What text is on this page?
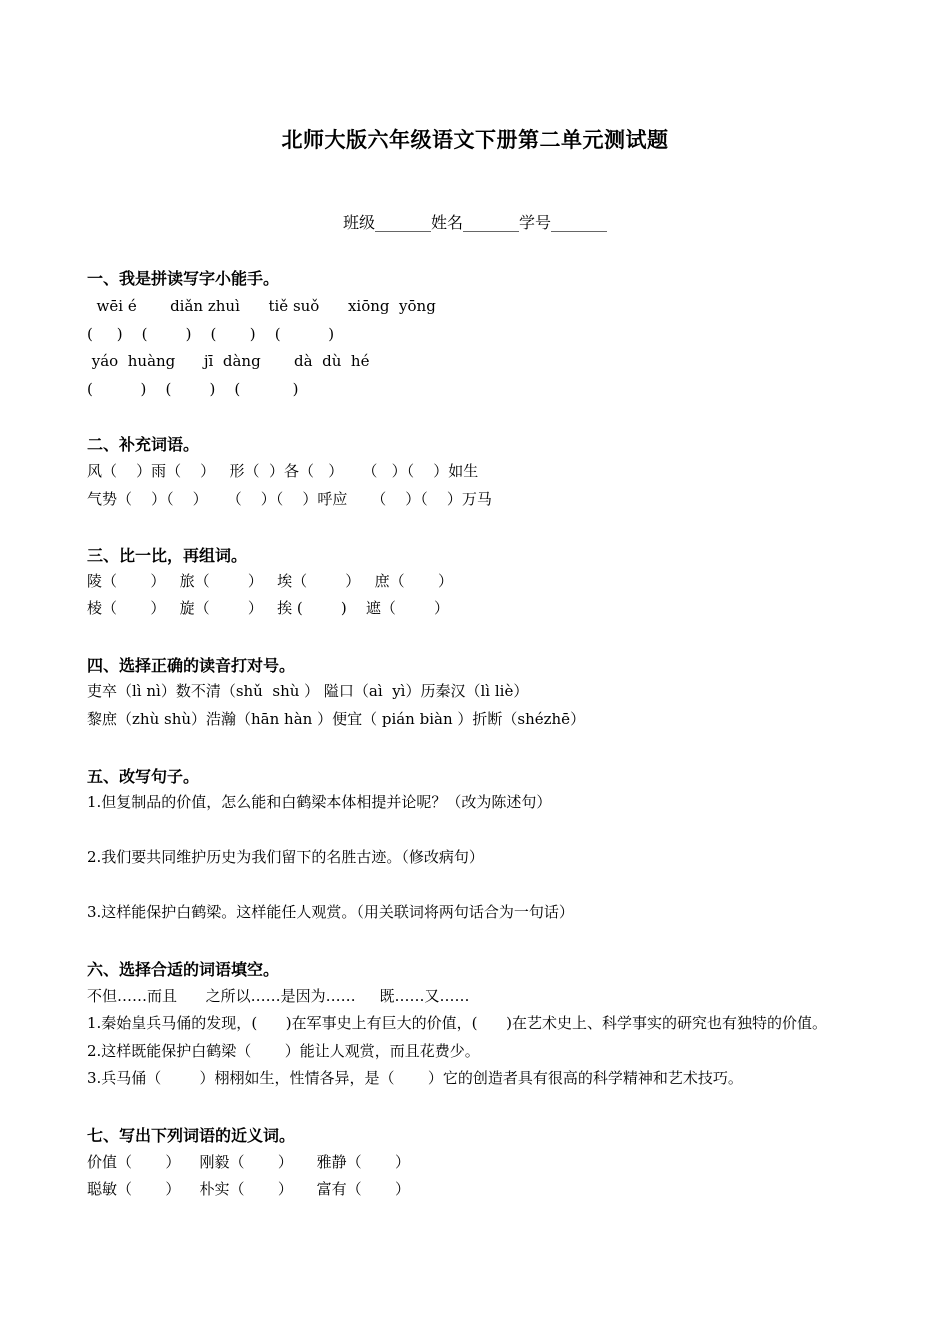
北师大版六年级语文下册第二单元测试题
班级_______姓名_______学号_______
一、我是拼读写字小能手。
wēi é       diǎn zhuì      tiě suǒ      xiōng  yōng
(     )    (        )    (       )    (          )
yáo  huàng      jī  dàng       dà  dù  hé
(          )    (        )    (           )
二、补充词语。
风（    ）雨（    ）   形（  ）各（   ）    （   ）（    ）如生
气势（    ）（    ）    （    ）（    ）呼应     （    ）（    ）万马
三、比一比，再组词。
陵（       ）   旅（        ）   埃（        ）   庶（       ）
棱（       ）   旋（        ）   挨 (        )    遮（        ）
四、选择正确的读音打对号。
吏卒（lì nì）数不清（shǔ  shù ） 隘口（aì  yì）历秦汉（lì liè）
黎庶（zhù shù）浩瀚（hān hàn ）便宜（ pián biàn ）折断（shézhē）
五、改写句子。
1.但复制品的价值，怎么能和白鹤梁本体相提并论呢？（改为陈述句）
2.我们要共同维护历史为我们留下的名胜古迹。（修改病句）
3.这样能保护白鹤梁。这样能任人观赏。（用关联词将两句话合为一句话）
六、选择合适的词语填空。
不但……而且      之所以……是因为……     既……又……
1.秦始皇兵马俑的发现，(      )在军事史上有巨大的价值，(      )在艺术史上、科学事实的研究也有独特的价值。
2.这样既能保护白鹤梁（       ）能让人观赏，而且花费少。
3.兵马俑（        ）栩栩如生，性情各异，是（       ）它的创造者具有很高的科学精神和艺术技巧。
七、写出下列词语的近义词。
价值（       ）    刚毅（       ）     雅静（       ）
聪敏（       ）    朴实（       ）     富有（       ）
